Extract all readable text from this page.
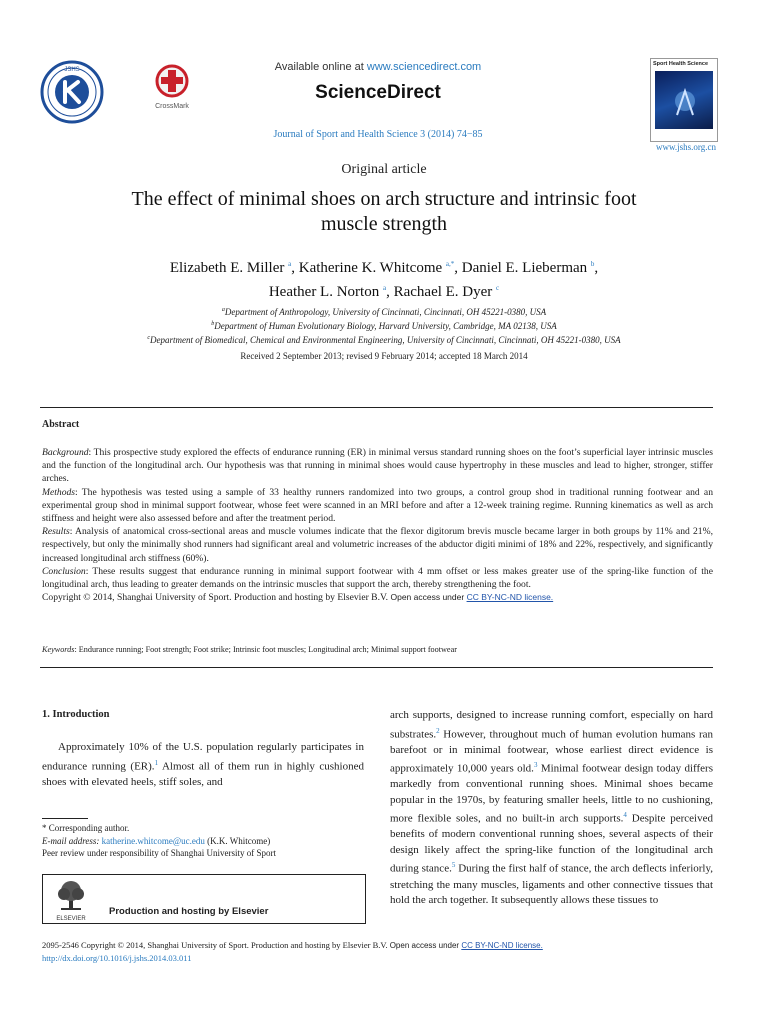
JSHS
CrossMark
Available online at www.sciencedirect.com
ScienceDirect
Journal of Sport and Health Science 3 (2014) 74−85
Sport Health Science
www.jshs.org.cn
Original article
The effect of minimal shoes on arch structure and intrinsic foot
muscle strength
Elizabeth E. Miller $^a$, Katherine K. Whitcome $^{a,*}$, Daniel E. Lieberman $^b$,
Heather L. Norton $^a$, Rachael E. Dyer $^c$
$^a$Department of Anthropology, University of Cincinnati, Cincinnati, OH 45221-0380, USA
$^b$Department of Human Evolutionary Biology, Harvard University, Cambridge, MA 02138, USA
$^c$Department of Biomedical, Chemical and Environmental Engineering, University of Cincinnati, Cincinnati, OH 45221-0380, USA
Received 2 September 2013; revised 9 February 2014; accepted 18 March 2014
Abstract
Background: This prospective study explored the effects of endurance running (ER) in minimal versus standard running shoes on the foot’s superficial layer intrinsic muscles and the function of the longitudinal arch. Our hypothesis was that running in minimal shoes would cause hypertrophy in these muscles and lead to higher, stronger, stiffer arches.
Methods: The hypothesis was tested using a sample of 33 healthy runners randomized into two groups, a control group shod in traditional running footwear and an experimental group shod in minimal support footwear, whose feet were scanned in an MRI before and after a 12-week training regime. Running kinematics as well as arch stiffness and height were also assessed before and after the treatment period.
Results: Analysis of anatomical cross-sectional areas and muscle volumes indicate that the flexor digitorum brevis muscle became larger in both groups by 11% and 21%, respectively, but only the minimally shod runners had significant areal and volumetric increases of the abductor digiti minimi of 18% and 22%, respectively, and significantly increased longitudinal arch stiffness (60%).
Conclusion: These results suggest that endurance running in minimal support footwear with 4 mm offset or less makes greater use of the spring-like function of the longitudinal arch, thus leading to greater demands on the intrinsic muscles that support the arch, thereby strengthening the foot.
Copyright © 2014, Shanghai University of Sport. Production and hosting by Elsevier B.V. Open access under CC BY-NC-ND license.
Keywords: Endurance running; Foot strength; Foot strike; Intrinsic foot muscles; Longitudinal arch; Minimal support footwear
1. Introduction
Approximately 10% of the U.S. population regularly participates in endurance running (ER).$^1$ Almost all of them run in highly cushioned shoes with elevated heels, stiff soles, and
* Corresponding author.
E-mail address: katherine.whitcome@uc.edu (K.K. Whitcome)
Peer review under responsibility of Shanghai University of Sport
ELSEVIER
Production and hosting by Elsevier
arch supports, designed to increase running comfort, especially on hard substrates.$^2$ However, throughout much of human evolution humans ran barefoot or in minimal footwear, whose earliest direct evidence is approximately 10,000 years old.$^3$ Minimal footwear design today differs markedly from conventional running shoes. Minimal shoes became popular in the 1970s, by featuring smaller heels, little to no cushioning, more flexible soles, and no built-in arch supports.$^4$ Despite perceived benefits of modern conventional running shoes, several aspects of their design likely affect the spring-like function of the longitudinal arch during stance.$^5$ During the first half of stance, the arch deflects inferiorly, stretching the many muscles, ligaments and other connective tissues that hold the arch together. It subsequently allows these tissues to
2095-2546 Copyright © 2014, Shanghai University of Sport. Production and hosting by Elsevier B.V. Open access under CC BY-NC-ND license.
http://dx.doi.org/10.1016/j.jshs.2014.03.011
